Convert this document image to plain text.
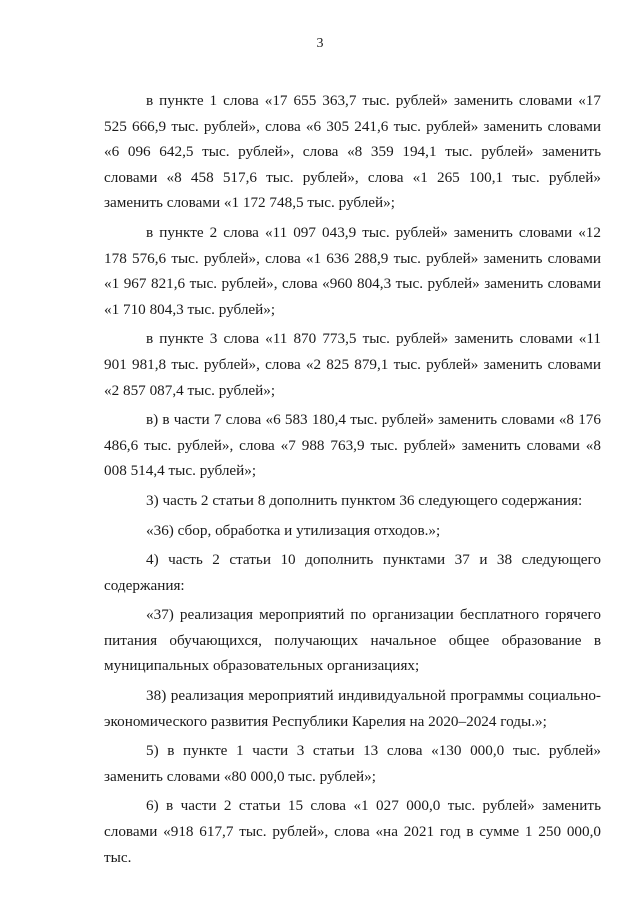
3

в пункте 1 слова «17 655 363,7 тыс. рублей» заменить словами «17 525 666,9 тыс. рублей», слова «6 305 241,6 тыс. рублей» заменить словами «6 096 642,5 тыс. рублей», слова «8 359 194,1 тыс. рублей» заменить словами «8 458 517,6 тыс. рублей», слова «1 265 100,1 тыс. рублей» заменить словами «1 172 748,5 тыс. рублей»;

в пункте 2 слова «11 097 043,9 тыс. рублей» заменить словами «12 178 576,6 тыс. рублей», слова «1 636 288,9 тыс. рублей» заменить словами «1 967 821,6 тыс. рублей», слова «960 804,3 тыс. рублей» заменить словами «1 710 804,3 тыс. рублей»;

в пункте 3 слова «11 870 773,5 тыс. рублей» заменить словами «11 901 981,8 тыс. рублей», слова «2 825 879,1 тыс. рублей» заменить словами «2 857 087,4 тыс. рублей»;

в) в части 7 слова «6 583 180,4 тыс. рублей» заменить словами «8 176 486,6 тыс. рублей», слова «7 988 763,9 тыс. рублей» заменить словами «8 008 514,4 тыс. рублей»;

3) часть 2 статьи 8 дополнить пунктом 36 следующего содержания:

«36) сбор, обработка и утилизация отходов.»;

4) часть 2 статьи 10 дополнить пунктами 37 и 38 следующего содержания:

«37) реализация мероприятий по организации бесплатного горячего питания обучающихся, получающих начальное общее образование в муниципальных образовательных организациях;

38) реализация мероприятий индивидуальной программы социально-экономического развития Республики Карелия на 2020–2024 годы.»;

5) в пункте 1 части 3 статьи 13 слова «130 000,0 тыс. рублей» заменить словами «80 000,0 тыс. рублей»;

6) в части 2 статьи 15 слова «1 027 000,0 тыс. рублей» заменить словами «918 617,7 тыс. рублей», слова «на 2021 год в сумме 1 250 000,0 тыс.
